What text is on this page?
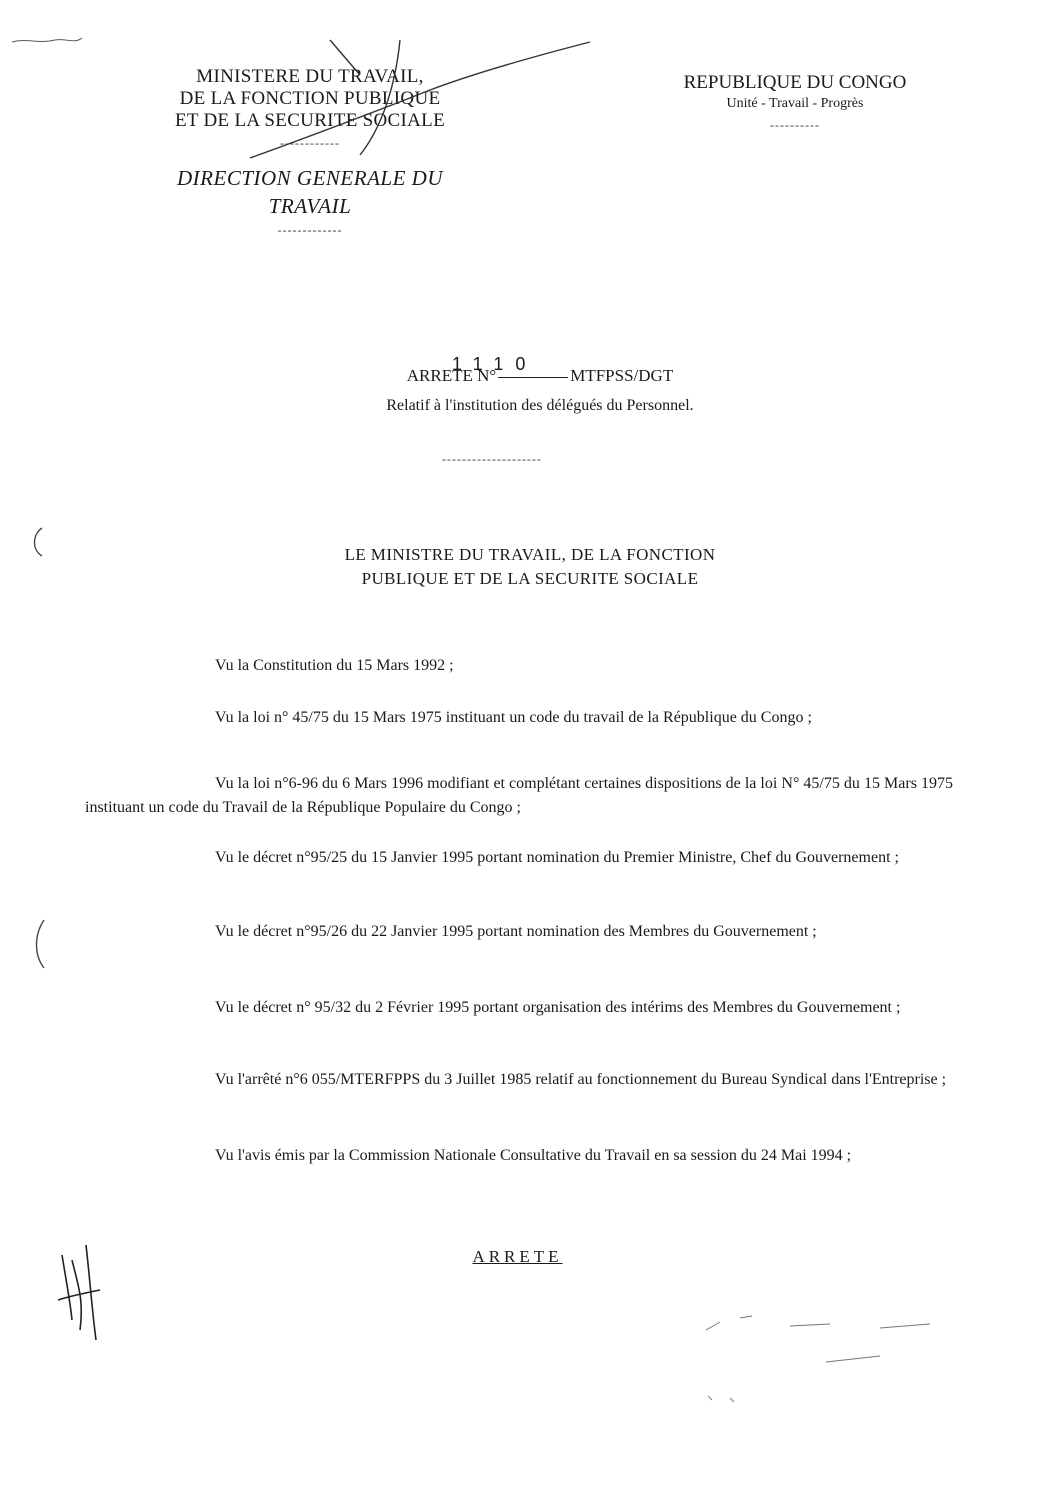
MINISTERE DU TRAVAIL,
DE LA FONCTION PUBLIQUE
ET DE LA SECURITE SOCIALE
------------
DIRECTION GENERALE DU
TRAVAIL
-------------
REPUBLIQUE DU CONGO
Unité - Travail - Progrès
----------
1110
ARRETE N°	MTFPSS/DGT
Relatif à l'institution des délégués du Personnel.
--------------------
LE MINISTRE DU TRAVAIL, DE LA FONCTION
PUBLIQUE ET DE LA SECURITE SOCIALE

Vu la Constitution du 15 Mars 1992 ;

Vu la loi n° 45/75 du 15 Mars 1975 instituant un code du travail de la République du Congo ;

Vu la loi n°6-96 du 6 Mars 1996 modifiant et complétant certaines dispositions de la loi N° 45/75 du 15 Mars 1975 instituant un code du Travail de la République Populaire du Congo ;

Vu le décret n°95/25 du 15 Janvier 1995 portant nomination du Premier Ministre, Chef du Gouvernement ;

Vu le décret n°95/26 du 22 Janvier 1995 portant nomination des Membres du Gouvernement ;

Vu le décret n° 95/32 du 2 Février 1995 portant organisation des intérims des Membres du Gouvernement ;

Vu l'arrêté n°6 055/MTERFPPS du 3 Juillet 1985 relatif au fonctionnement du Bureau Syndical dans l'Entreprise ;

Vu l'avis émis par la Commission Nationale Consultative du Travail en sa session du 24 Mai 1994 ;

ARRETE
